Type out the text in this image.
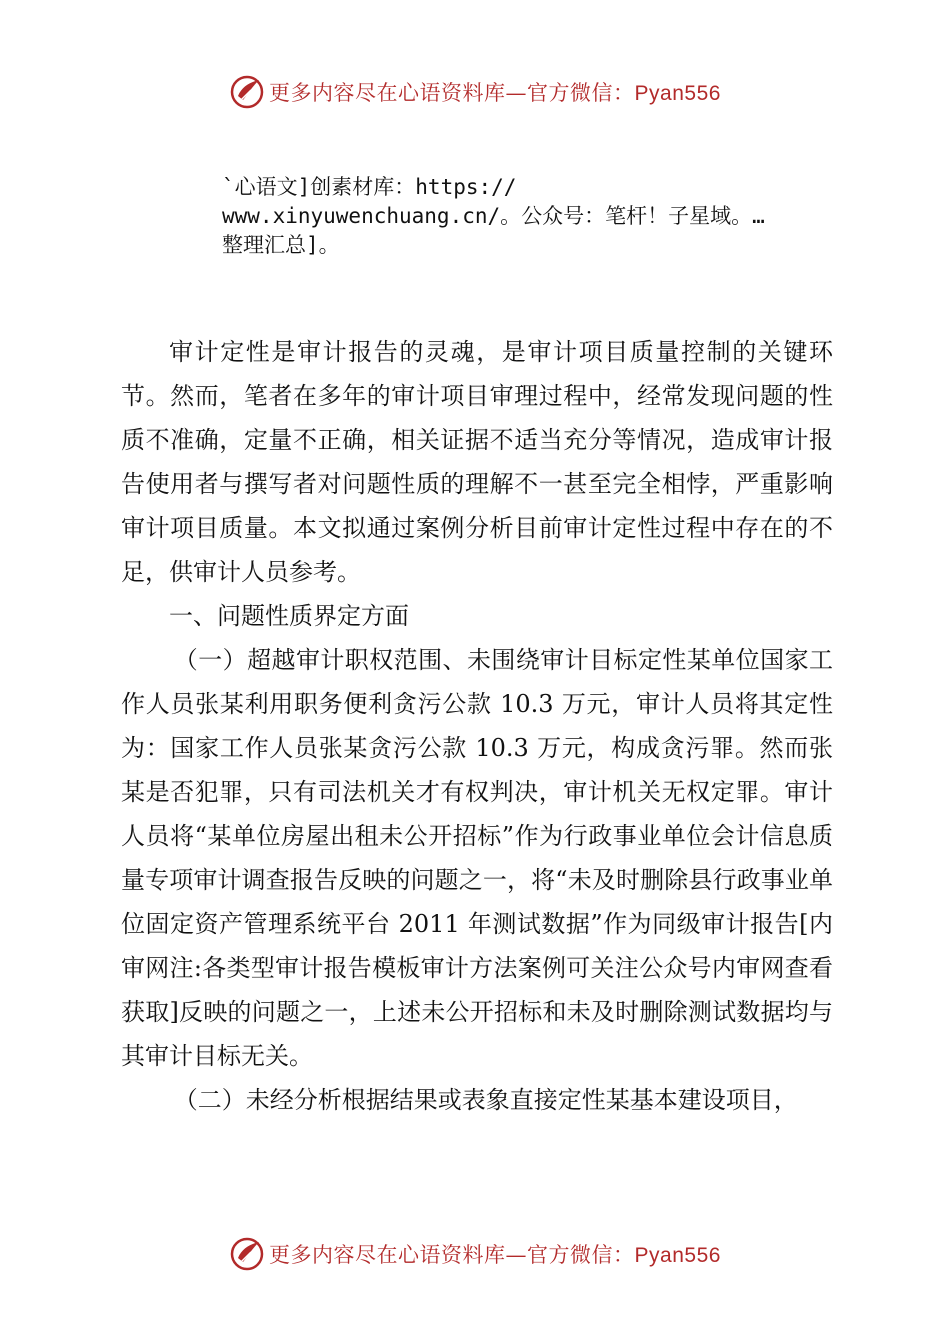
更多内容尽在心语资料库—官方微信：Pyan556
`心语文]创素材库：https://
www.xinyuwenchuang.cn/。公众号：笔杆！子星域。…
整理汇总]。

审计定性是审计报告的灵魂，是审计项目质量控制的关键环节。然而，笔者在多年的审计项目审理过程中，经常发现问题的性质不准确，定量不正确，相关证据不适当充分等情况，造成审计报告使用者与撰写者对问题性质的理解不一甚至完全相悖，严重影响审计项目质量。本文拟通过案例分析目前审计定性过程中存在的不足，供审计人员参考。

一、问题性质界定方面

（一）超越审计职权范围、未围绕审计目标定性某单位国家工作人员张某利用职务便利贪污公款 10.3 万元，审计人员将其定性为：国家工作人员张某贪污公款 10.3 万元，构成贪污罪。然而张某是否犯罪，只有司法机关才有权判决，审计机关无权定罪。审计人员将“某单位房屋出租未公开招标”作为行政事业单位会计信息质量专项审计调查报告反映的问题之一，将“未及时删除县行政事业单位固定资产管理系统平台 2011 年测试数据”作为同级审计报告[内审网注:各类型审计报告模板审计方法案例可关注公众号内审网查看获取]反映的问题之一，上述未公开招标和未及时删除测试数据均与其审计目标无关。

（二）未经分析根据结果或表象直接定性某基本建设项目，

更多内容尽在心语资料库—官方微信：Pyan556
